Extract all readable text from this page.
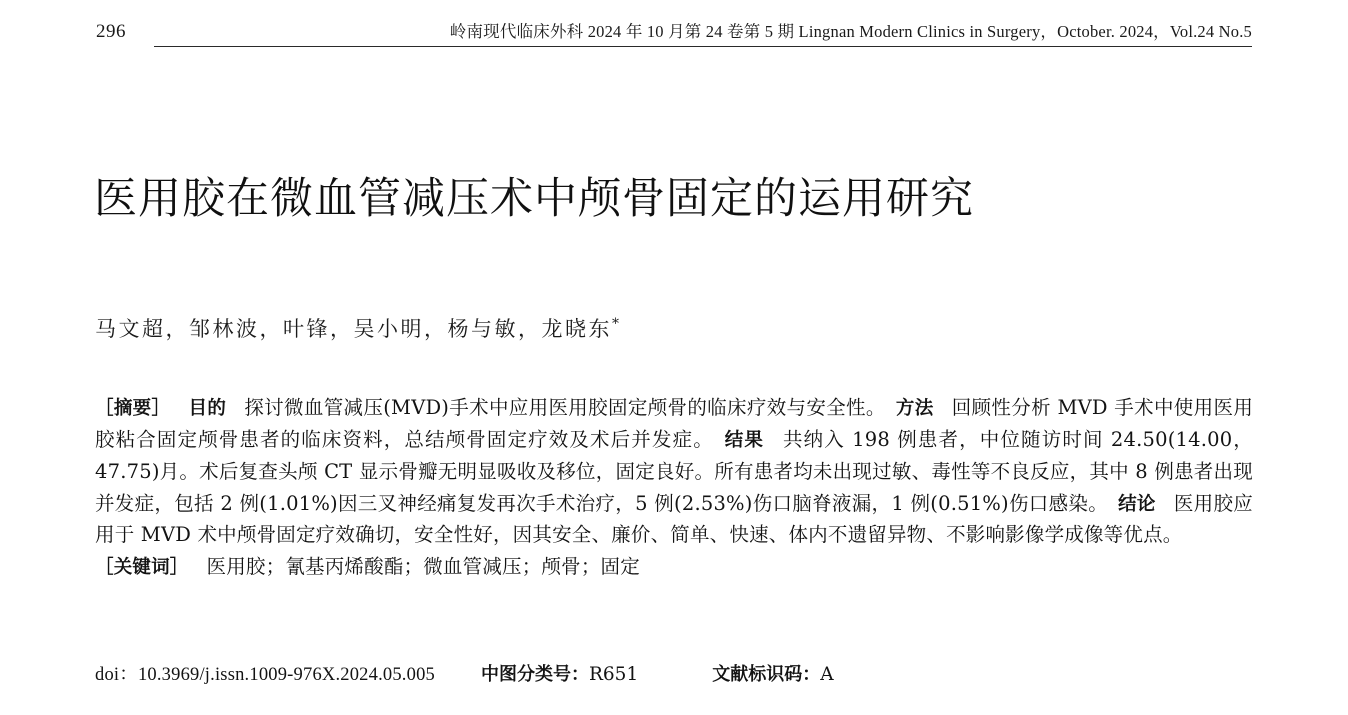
296	岭南现代临床外科 2024 年 10 月第 24 卷第 5 期 Lingnan Modern Clinics in Surgery，October. 2024，Vol.24 No.5
医用胶在微血管减压术中颅骨固定的运用研究
马文超，邹林波，叶锋，吴小明，杨与敏，龙晓东*

［摘要］ 目的 探讨微血管减压(MVD)手术中应用医用胶固定颅骨的临床疗效与安全性。 方法 回顾性分析 MVD 手术中使用医用胶粘合固定颅骨患者的临床资料，总结颅骨固定疗效及术后并发症。 结果 共纳入 198 例患者，中位随访时间 24.50(14.00，47.75)月。术后复查头颅 CT 显示骨瓣无明显吸收及移位，固定良好。所有患者均未出现过敏、毒性等不良反应，其中 8 例患者出现并发症，包括 2 例(1.01%)因三叉神经痛复发再次手术治疗，5 例(2.53%)伤口脑脊液漏，1 例(0.51%)伤口感染。 结论 医用胶应用于 MVD 术中颅骨固定疗效确切，安全性好，因其安全、廉价、简单、快速、体内不遗留异物、不影响影像学成像等优点。

［关键词］ 医用胶；氰基丙烯酸酯；微血管减压；颅骨；固定

doi：10.3969/j.issn.1009-976X.2024.05.005	中图分类号：R651	文献标识码：A
